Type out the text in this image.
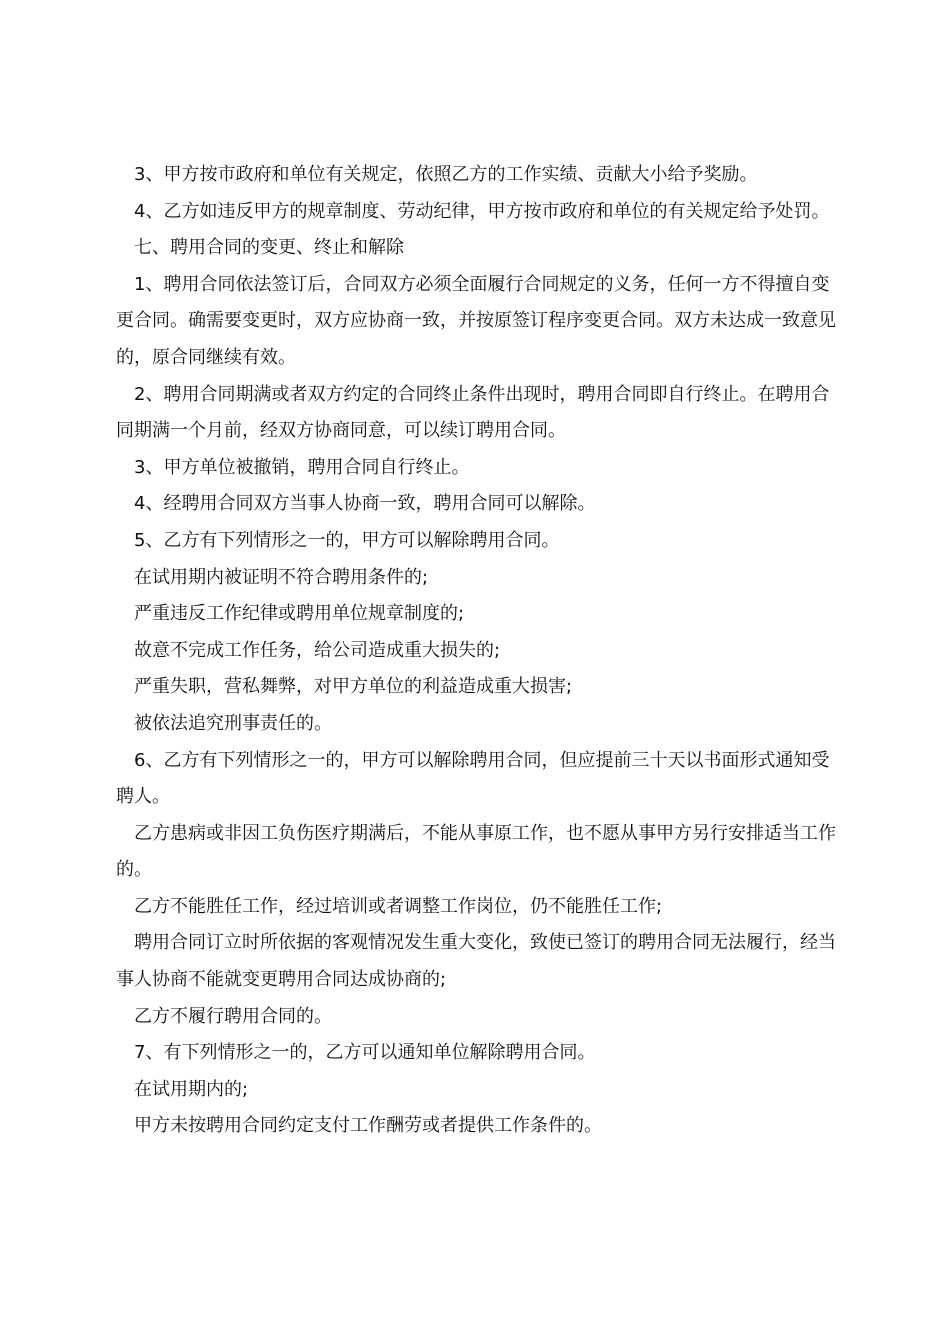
3、甲方按市政府和单位有关规定，依照乙方的工作实绩、贡献大小给予奖励。

4、乙方如违反甲方的规章制度、劳动纪律，甲方按市政府和单位的有关规定给予处罚。

七、聘用合同的变更、终止和解除

1、聘用合同依法签订后，合同双方必须全面履行合同规定的义务，任何一方不得擅自变更合同。确需要变更时，双方应协商一致，并按原签订程序变更合同。双方未达成一致意见的，原合同继续有效。

2、聘用合同期满或者双方约定的合同终止条件出现时，聘用合同即自行终止。在聘用合同期满一个月前，经双方协商同意，可以续订聘用合同。

3、甲方单位被撤销，聘用合同自行终止。

4、经聘用合同双方当事人协商一致，聘用合同可以解除。

5、乙方有下列情形之一的，甲方可以解除聘用合同。

在试用期内被证明不符合聘用条件的;

严重违反工作纪律或聘用单位规章制度的;

故意不完成工作任务，给公司造成重大损失的;

严重失职，营私舞弊，对甲方单位的利益造成重大损害;

被依法追究刑事责任的。

6、乙方有下列情形之一的，甲方可以解除聘用合同，但应提前三十天以书面形式通知受聘人。

乙方患病或非因工负伤医疗期满后，不能从事原工作，也不愿从事甲方另行安排适当工作的。

乙方不能胜任工作，经过培训或者调整工作岗位，仍不能胜任工作;

聘用合同订立时所依据的客观情况发生重大变化，致使已签订的聘用合同无法履行，经当事人协商不能就变更聘用合同达成协商的;

乙方不履行聘用合同的。

7、有下列情形之一的，乙方可以通知单位解除聘用合同。

在试用期内的;

甲方未按聘用合同约定支付工作酬劳或者提供工作条件的。
